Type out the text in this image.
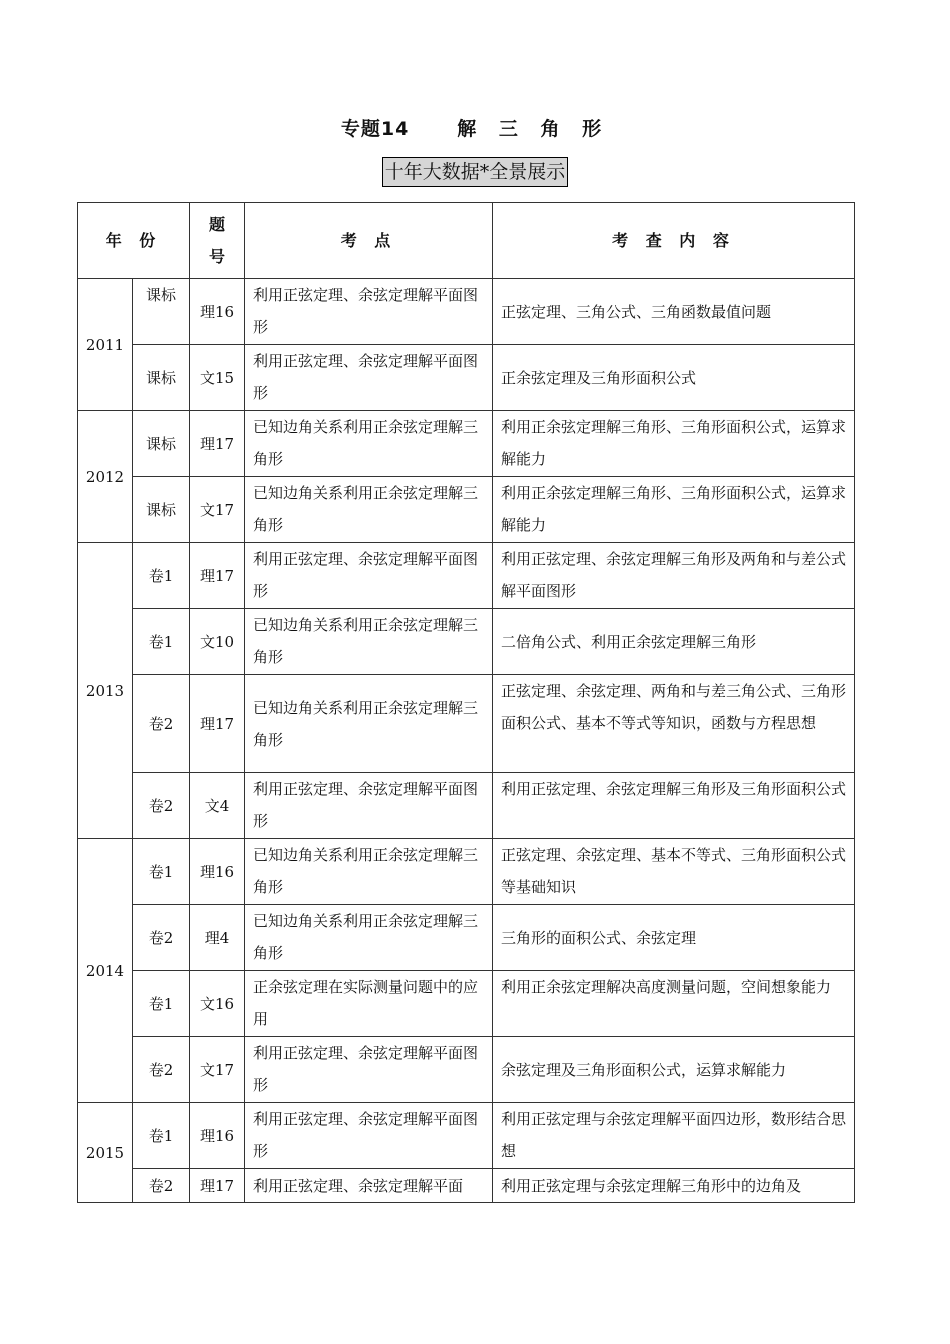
专题14	解 三 角 形
十年大数据*全景展示
年 份		题号	考 点	考 查 内 容
2011	课标	理16	利用正弦定理、余弦定理解平面图形	正弦定理、三角公式、三角函数最值问题
	课标	文15	利用正弦定理、余弦定理解平面图形	正余弦定理及三角形面积公式
2012	课标	理17	已知边角关系利用正余弦定理解三角形	利用正余弦定理解三角形、三角形面积公式，运算求解能力
	课标	文17	已知边角关系利用正余弦定理解三角形	利用正余弦定理解三角形、三角形面积公式，运算求解能力
2013	卷1	理17	利用正弦定理、余弦定理解平面图形	利用正弦定理、余弦定理解三角形及两角和与差公式解平面图形
	卷1	文10	已知边角关系利用正余弦定理解三角形	二倍角公式、利用正余弦定理解三角形
	卷2	理17	已知边角关系利用正余弦定理解三角形	正弦定理、余弦定理、两角和与差三角公式、三角形面积公式、基本不等式等知识，函数与方程思想
	卷2	文4	利用正弦定理、余弦定理解平面图形	利用正弦定理、余弦定理解三角形及三角形面积公式
2014	卷1	理16	已知边角关系利用正余弦定理解三角形	正弦定理、余弦定理、基本不等式、三角形面积公式等基础知识
	卷2	理4	已知边角关系利用正余弦定理解三角形	三角形的面积公式、余弦定理
	卷1	文16	正余弦定理在实际测量问题中的应用	利用正余弦定理解决高度测量问题，空间想象能力
	卷2	文17	利用正弦定理、余弦定理解平面图形	余弦定理及三角形面积公式，运算求解能力
2015	卷1	理16	利用正弦定理、余弦定理解平面图形	利用正弦定理与余弦定理解平面四边形，数形结合思想
	卷2	理17	利用正弦定理、余弦定理解平面	利用正弦定理与余弦定理解三角形中的边角及
